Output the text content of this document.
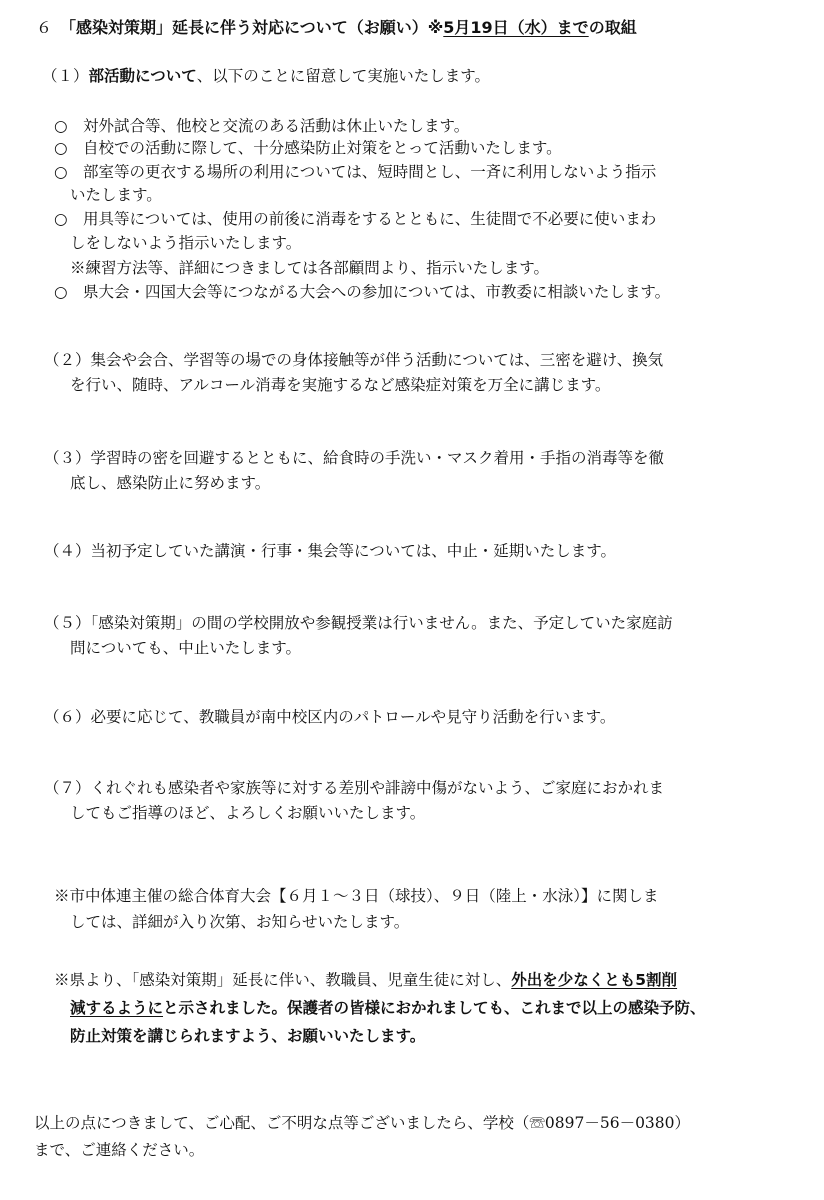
６　 「感染対策期」延長に伴う対応について（お願い）※5月19日（水）までの取組
（１）部活動について、以下のことに留意して実施いたします。
○　対外試合等、他校と交流のある活動は休止いたします。
○　自校での活動に際して、十分感染防止対策をとって活動いたします。
○　部室等の更衣する場所の利用については、短時間とし、一斉に利用しないよう指示
いたします。
○　用具等については、使用の前後に消毒をするとともに、生徒間で不必要に使いまわ
しをしないよう指示いたします。
※練習方法等、詳細につきましては各部顧問より、指示いたします。
○　県大会・四国大会等につながる大会への参加については、市教委に相談いたします。
（２）集会や会合、学習等の場での身体接触等が伴う活動については、三密を避け、換気
を行い、随時、アルコール消毒を実施するなど感染症対策を万全に講じます。
（３）学習時の密を回避するとともに、給食時の手洗い・マスク着用・手指の消毒等を徹
底し、感染防止に努めます。
（４）当初予定していた講演・行事・集会等については、中止・延期いたします。
（５）「感染対策期」の間の学校開放や参観授業は行いません。また、予定していた家庭訪
問についても、中止いたします。
（６）必要に応じて、教職員が南中校区内のパトロールや見守り活動を行います。
（７）くれぐれも感染者や家族等に対する差別や誹謗中傷がないよう、ご家庭におかれま
してもご指導のほど、よろしくお願いいたします。
※市中体連主催の総合体育大会【６月１～３日（球技）、９日（陸上・水泳）】に関しま
しては、詳細が入り次第、お知らせいたします。
※県より、「感染対策期」延長に伴い、教職員、児童生徒に対し、外出を少なくとも5割削
減するようにと示されました。保護者の皆様におかれましても、これまで以上の感染予防、
防止対策を講じられますよう、お願いいたします。
以上の点につきまして、ご心配、ご不明な点等ございましたら、学校（☏0897－56－0380）
まで、ご連絡ください。
